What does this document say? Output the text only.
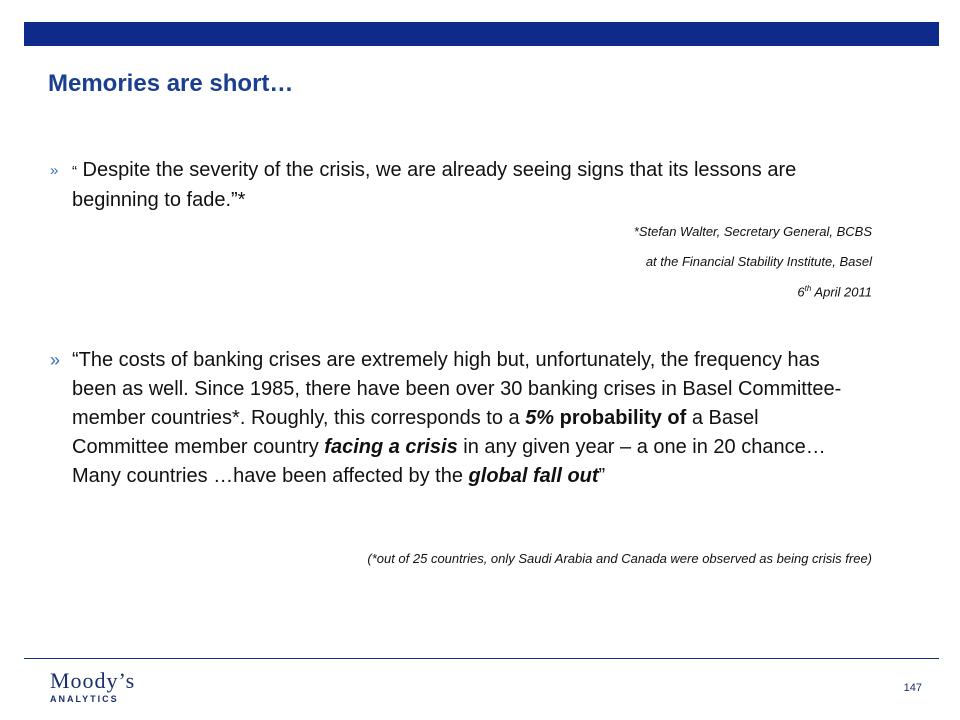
Memories are short…
» “ Despite the severity of the crisis, we are already seeing signs that its lessons are beginning to fade.”*
*Stefan Walter, Secretary General, BCBS
at the Financial Stability Institute, Basel
6th April 2011
» “The costs of banking crises are extremely high but, unfortunately, the frequency has been as well. Since 1985, there have been over 30 banking crises in Basel Committee-member countries*. Roughly, this corresponds to a 5% probability of a Basel Committee member country facing a crisis in any given year – a one in 20 chance… Many countries …have been affected by the global fall out”
(*out of 25 countries, only Saudi Arabia and Canada were observed as being crisis free)
Moody’s
ANALYTICS
147
